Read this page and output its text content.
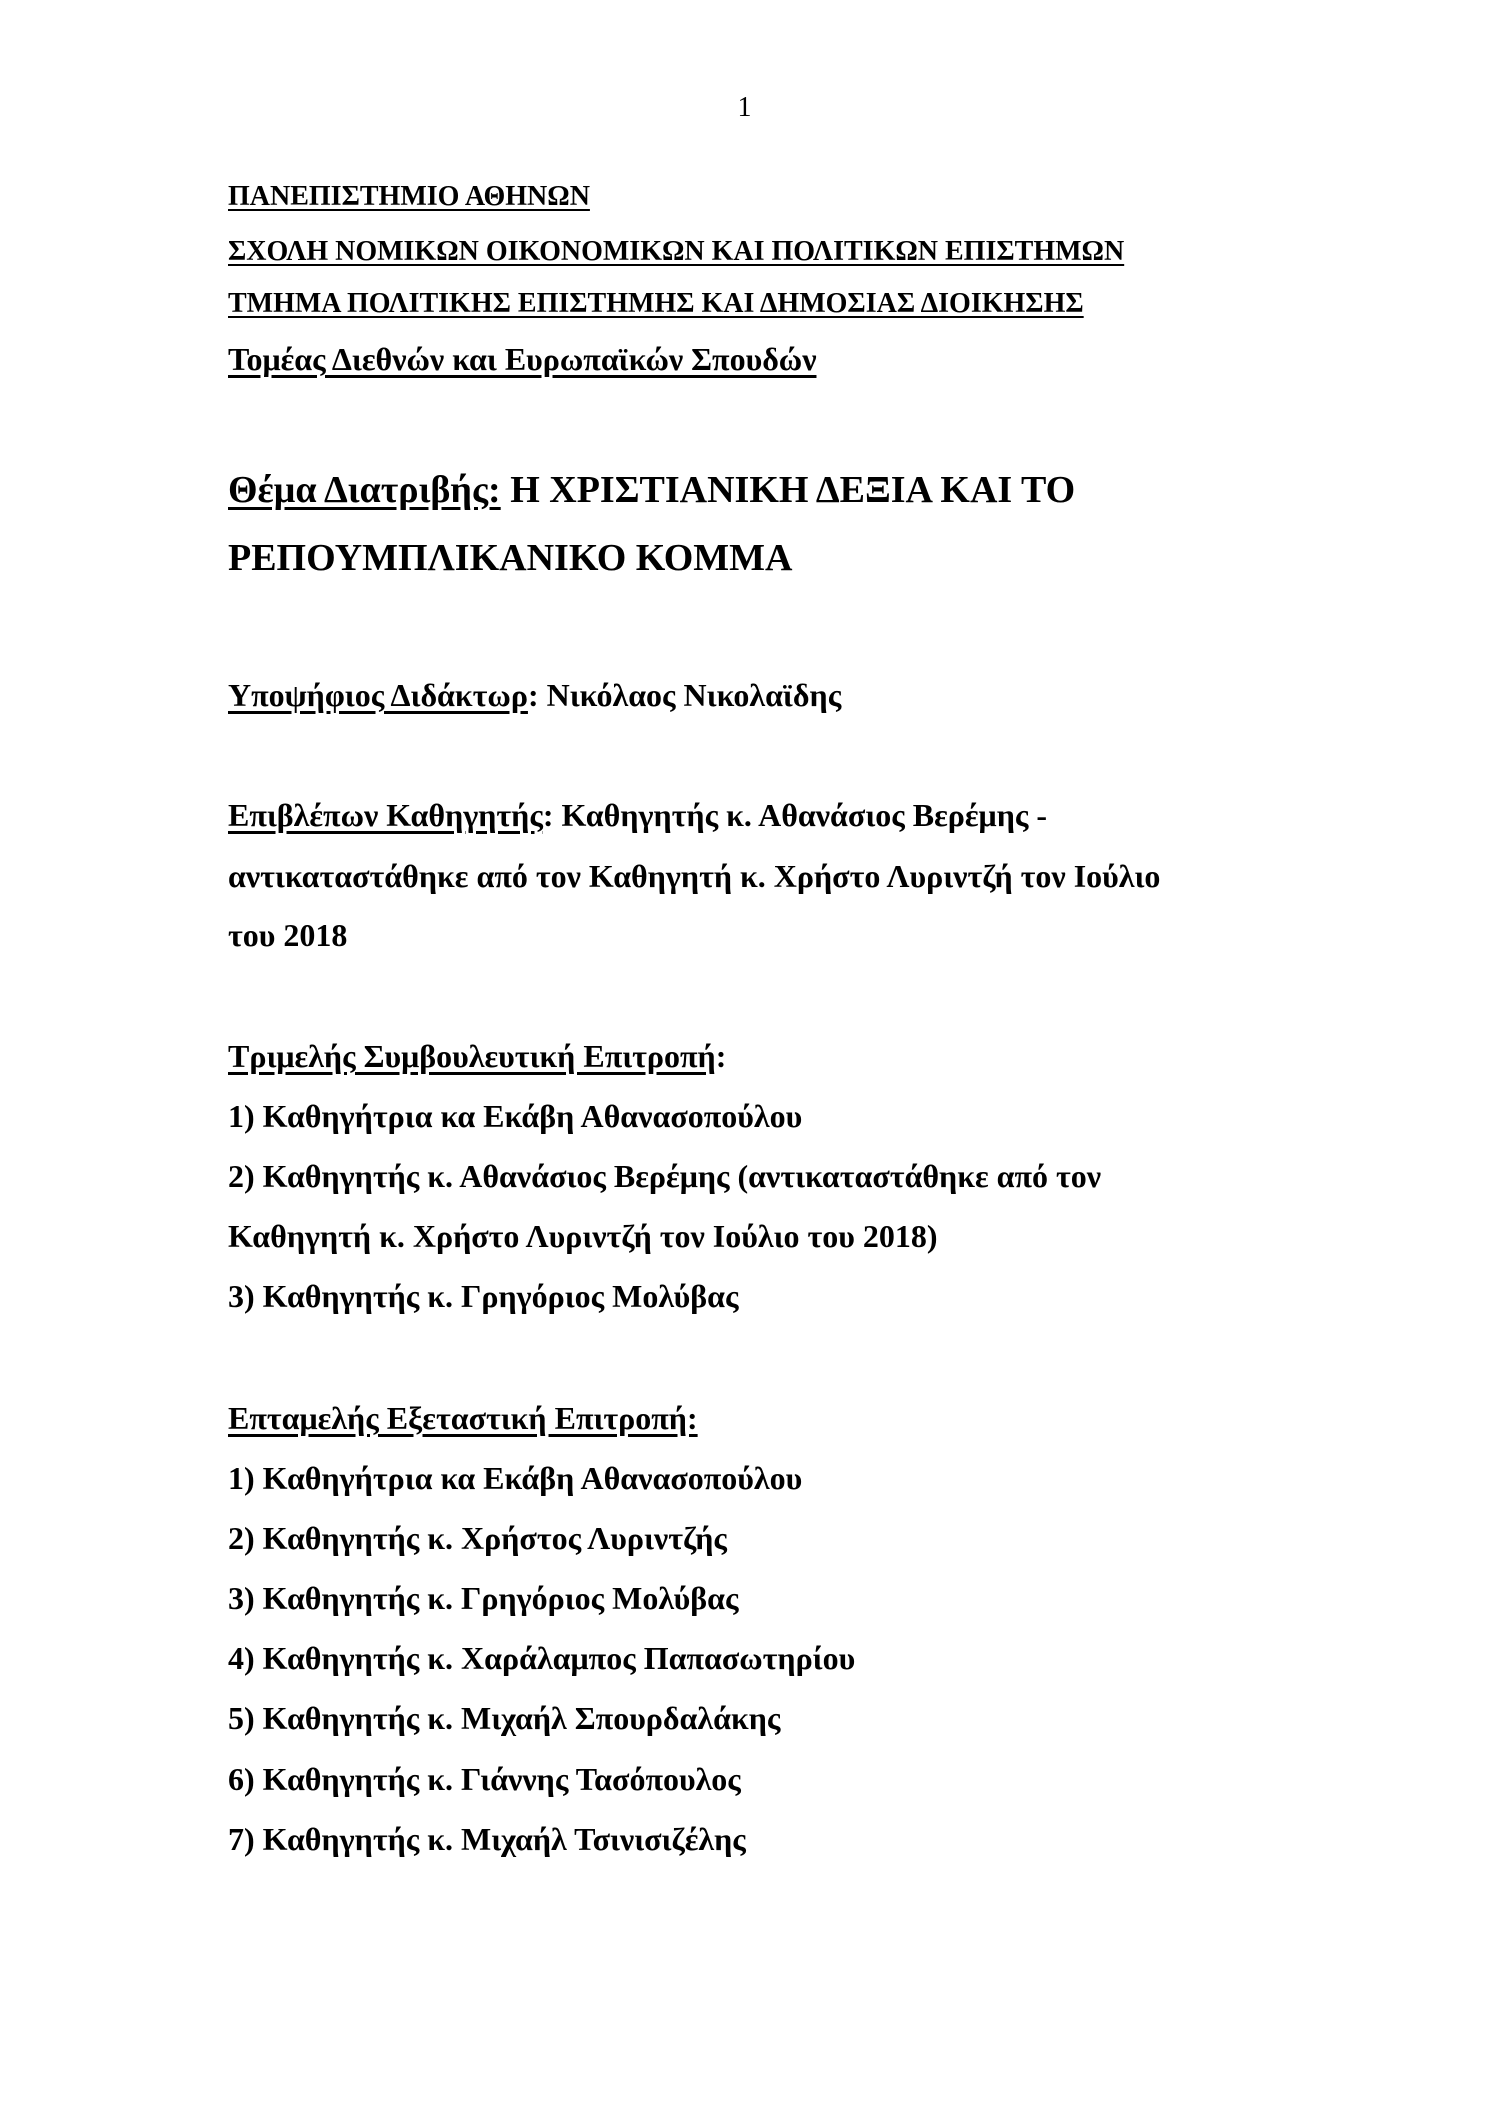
1
ΠΑΝΕΠΙΣΤΗΜΙΟ ΑΘΗΝΩΝ
ΣΧΟΛΗ ΝΟΜΙΚΩΝ ΟΙΚΟΝΟΜΙΚΩΝ ΚΑΙ ΠΟΛΙΤΙΚΩΝ ΕΠΙΣΤΗΜΩΝ
ΤΜΗΜΑ ΠΟΛΙΤΙΚΗΣ ΕΠΙΣΤΗΜΗΣ ΚΑΙ ΔΗΜΟΣΙΑΣ ΔΙΟΙΚΗΣΗΣ
Τομέας Διεθνών και Ευρωπαϊκών Σπουδών
Θέμα Διατριβής: Η ΧΡΙΣΤΙΑΝΙΚΗ ΔΕΞΙΑ ΚΑΙ ΤΟ
ΡΕΠΟΥΜΠΛΙΚΑΝΙΚΟ ΚΟΜΜΑ
Υποψήφιος Διδάκτωρ: Νικόλαος Νικολαϊδης
Επιβλέπων Καθηγητής: Καθηγητής κ. Αθανάσιος Βερέμης -
αντικαταστάθηκε από τον Καθηγητή κ. Χρήστο Λυριντζή τον Ιούλιο
του 2018
Τριμελής Συμβουλευτική Επιτροπή:
1) Καθηγήτρια κα Εκάβη Αθανασοπούλου
2) Καθηγητής κ. Αθανάσιος Βερέμης (αντικαταστάθηκε από τον
Καθηγητή κ. Χρήστο Λυριντζή τον Ιούλιο του 2018)
3) Καθηγητής κ. Γρηγόριος Μολύβας
Επταμελής Εξεταστική Επιτροπή:
1) Καθηγήτρια κα Εκάβη Αθανασοπούλου
2) Καθηγητής κ. Χρήστος Λυριντζής
3) Καθηγητής κ. Γρηγόριος Μολύβας
4) Καθηγητής κ. Χαράλαμπος Παπασωτηρίου
5) Καθηγητής κ. Μιχαήλ Σπουρδαλάκης
6) Καθηγητής κ. Γιάννης Τασόπουλος
7) Καθηγητής κ. Μιχαήλ Τσινισιζέλης
